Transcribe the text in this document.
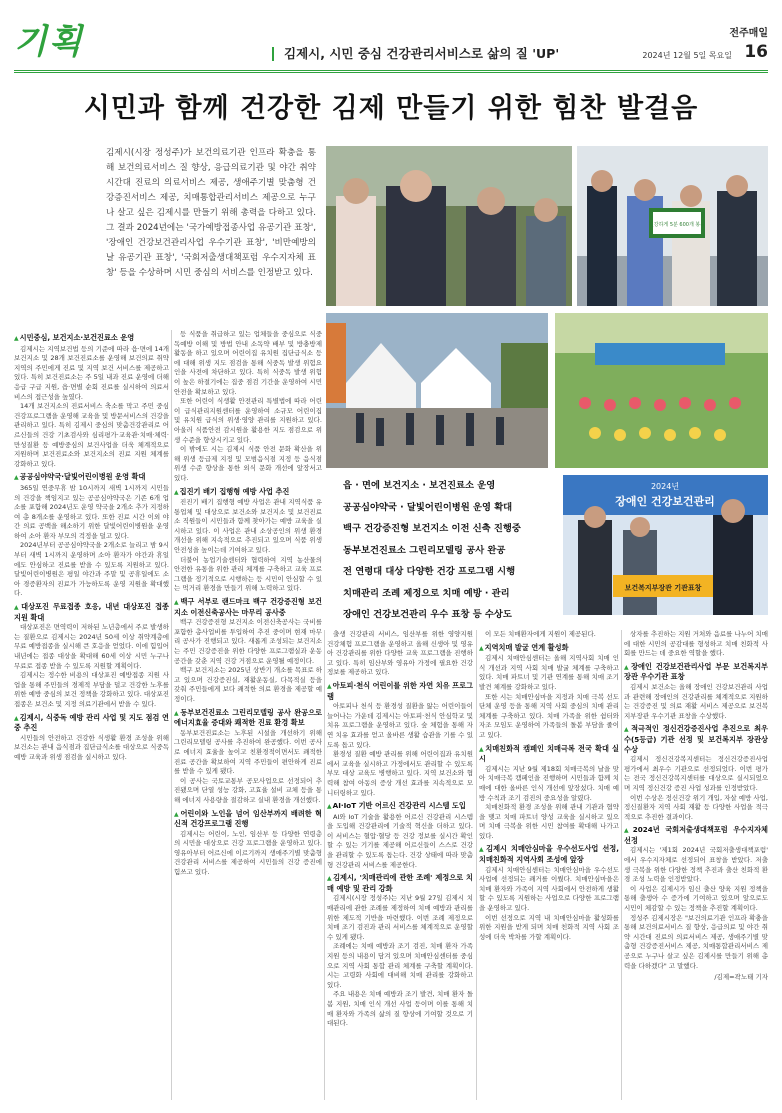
기획	김제시, 시민 중심 건강관리서비스로 삶의 질 'UP'
전주매일
2024년 12월 5일 목요일 16
시민과 함께 건강한 김제 만들기 위한 힘찬 발걸음
김제시(시장 정성주)가 보건의료기관 인프라 확충을 통해 보건의료서비스 질 향상, 응급의료기관 및 야간 취약 시간대 진료의 의료서비스 제공, 생애주기별 맞춤형 건강증진서비스 제공, 치매통합관리서비스 제공으로 누구나 살고 싶은 김제시를 만들기 위해 총력을 다하고 있다. 그 결과 2024년에는 '국가예방접종사업 유공기관 표창', '장애인 건강보건관리사업 우수기관 표창', '비만예방의 날 유공기관 표창', '국회저출생대책포럼 우수지자체 표창' 등을 수상하며 시민 중심의 서비스를 인정받고 있다.
건강하게 5분 600개 봉사
2024년
장애인 건강보건관리
보건복지부장관 기관표창
읍 · 면에 보건지소 · 보건진료소 운영
공공심야약국 · 달빛어린이병원 운영 확대
백구 건강증진형 보건지소 이전 신축 진행중
동부보건진료소 그린리모델링 공사 완공
전 연령대 대상 다양한 건강 프로그램 시행
치매관리 조례 제정으로 치매 예방 · 관리
장애인 건강보건관리 우수 표창 등 수상도
▲ 시민중심, 보건지소·보건진료소 운영

김제시는 지역보건법 등의 기준에 따라 읍·면에 14개 보건지소 및 28개 보건진료소를 운영해 보건의료 취약지역의 주민에게 진료 및 지역 보건 서비스를 제공하고 있다. 특히 보건진료소는 주 5일 내과 진료 운영에 더해 응급 구급 지원, 읍·면별 순회 진료를 실시하여 의료서비스의 접근성을 높였다.

14개 보건지소의 진료서비스 축소를 막고 주민 중심 건강프로그램을 운영해 교육을 및 방문서비스의 건강을 관리하고 있다. 특히 김제시 중심의 맞춤건강관리로 어르신들의 건강 기초검사와 심리평가·교육관·치매·체력·만성질환 등 예방중심의 보건사업을 더욱 체계적으로 지원하며 보건진료소와 보건지소의 진료 지원 체계를 강화하고 있다.

▲ 공공심야약국·달빛어린이병원 운영 확대

365일 연중무휴 밤 10시까지 새벽 1시까지 시민들의 건강을 책임지고 있는 공공심야약국은 기존 6개 업소를 포함해 2024년도 운영 약국을 2개소 추가 지정하여 총 8개소를 운영하고 있다. 또한 진료 시간 이외 야간 의료 공백을 해소하기 위한 달빛어린이병원을 운영하여 소아 환자 부모의 걱정을 덜고 있다.

2024년부터 공공심야약국을 2개소로 늘리고 밤 9시부터 새벽 1시까지 운영하며 소아 환자가 야간과 휴일에도 안심하고 진료를 받을 수 있도록 지원하고 있다. 달빛어린이병원은 평일 야간과 주말 및 공휴일에도 소아 경증환자의 진료가 가능하도록 운영 지원을 확대했다.

▲ 대상포진 무료접종 호응, 내년 대상포진 접종 지원 확대

대상포진은 면역력이 저하된 노년층에서 주로 발생하는 질환으로 김제시는 2024년 50세 이상 취약계층에 무료 예방접종을 실시해 큰 호응을 얻었다. 이에 힘입어 내년에는 접종 대상을 확대해 60세 이상 시민 누구나 무료로 접종 받을 수 있도록 지원할 계획이다.

김제시는 정수한 비용의 대상포진 예방접종 지원 사업을 통해 주민들의 경제적 부담을 덜고 건강한 노후를 위한 예방 중심의 보건 정책을 강화하고 있다. 대상포진 접종은 보건소 및 지정 의료기관에서 받을 수 있다.

▲ 김제시, 식중독 예방 관리 사업 및 지도 점검 연중 추진

시민들의 안전하고 건강한 식생활 환경 조성을 위해 보건소는 관내 음식점과 집단급식소를 대상으로 식중독 예방 교육과 위생 점검을 실시하고 있다.

등 식품을 취급하고 있는 업체들을 중심으로 식중독예방 이해 및 방법 안내 소독약 배부 및 방충방제 활동을 하고 있으며 어린이집 유치원 집단급식소 등에 대해 위생 지도 점검을 통해 식중독 발생 위험요인을 사전에 차단하고 있다. 특히 식중독 발생 위험이 높은 하절기에는 집중 점검 기간을 운영하여 시민 안전을 확보하고 있다.

또한 어린이 식생활 안전관리 특별법에 따라 어린이 급식관리지원센터를 운영하여 소규모 어린이집 및 유치원 급식의 위생·영양 관리를 지원하고 있다. 아울러 식품안전 감시원을 활용한 지도 점검으로 위생 수준을 향상시키고 있다.

이 밖에도 시는 김제시 식품 안전 문화 확산을 위해 위생 등급제 지정 및 모범음식점 지정 등 음식점 위생 수준 향상을 통한 외식 문화 개선에 앞장서고 있다.

▲ 집진기 배기 집행형 예방 사업 추진

진진기 배기 집행형 예방 사업은 관내 지역식품 유통업체 및 대상으로 보건소와 보건지소 및 보건진료소 직원들이 시민들과 함께 찾아가는 예방 교육을 실시하고 있다. 이 사업은 관내 소상공인의 위생 환경 개선을 위해 지속적으로 추진되고 있으며 식품 위생 안전성을 높이는데 기여하고 있다.

더불어 농업기술센터와 협력하여 지역 농산물의 안전한 유통을 위한 관리 체계를 구축하고 교육 프로그램을 정기적으로 시행하는 등 시민이 안심할 수 있는 먹거리 환경을 만들기 위해 노력하고 있다.

▲ 백구 서부로 랜드마크 백구 건강증진형 보건지소 이전신축공사는 마무리 공사중

백구 건강증진형 보건지소 이전신축공사는 국비를 포함한 총사업비를 투입하여 추진 중이며 현재 마무리 공사가 진행되고 있다. 새롭게 조성되는 보건지소는 주민 건강증진을 위한 다양한 프로그램실과 운동 공간을 갖춘 지역 건강 거점으로 운영될 예정이다.

백구 보건지소는 2025년 상반기 개소를 목표로 하고 있으며 건강증진실, 재활운동실, 다목적실 등을 갖춰 주민들에게 보다 쾌적한 의료 환경을 제공할 예정이다.

▲ 동부보건진료소 그린리모델링 공사 완공으로 에너지효율 증대와 쾌적한 진료 환경 확보

동부보건진료소는 노후된 시설을 개선하기 위해 그린리모델링 공사를 추진하여 완공했다. 이번 공사로 에너지 효율을 높이고 친환경적이면서도 쾌적한 진료 공간을 확보하여 지역 주민들이 편안하게 진료를 받을 수 있게 됐다.

이 공사는 국토교통부 공모사업으로 선정되어 추진됐으며 단열 성능 강화, 고효율 설비 교체 등을 통해 에너지 사용량을 절감하고 실내 환경을 개선했다.

▲ 어린이와 노인을 넘어 임산부까지 배려한 혁신적 건강프로그램 진행

김제시는 어린이, 노인, 임산부 등 다양한 연령층의 시민을 대상으로 건강 프로그램을 운영하고 있다. 영유아부터 어르신에 이르기까지 생애주기별 맞춤형 건강관리 서비스를 제공하여 시민들의 건강 증진에 힘쓰고 있다.

출생 건강관리 서비스, 임산부를 위한 영양지원 건강체험 프로그램을 운영하고 올해 신생아 및 영유아 건강관리를 위한 다양한 교육 프로그램을 진행하고 있다. 특히 임산부와 영유아 가정에 필요한 건강 정보를 제공하고 있다.

▲ 아토피·천식 어린이를 위한 자연 치유 프로그램

아토피나 천식 등 환경성 질환을 앓는 어린이들이 늘어나는 가운데 김제시는 아토피·천식 안심학교 및 치유 프로그램을 운영하고 있다. 숲 체험을 통해 자연 치유 효과를 얻고 올바른 생활 습관을 기를 수 있도록 돕고 있다.

환경성 질환 예방 관리를 위해 어린이집과 유치원에서 교육을 실시하고 가정에서도 관리할 수 있도록 부모 대상 교육도 병행하고 있다. 지역 보건소와 협력해 참여 아동의 증상 개선 효과를 지속적으로 모니터링하고 있다.

▲ AI·IoT 기반 어르신 건강관리 시스템 도입

AI와 IoT 기술을 활용한 어르신 건강관리 시스템을 도입해 건강관리에 기술적 혁신을 더하고 있다. 이 서비스는 혈압·혈당 등 건강 정보를 실시간 확인할 수 있는 기기를 제공해 어르신들이 스스로 건강을 관리할 수 있도록 돕는다. 건강 상태에 따라 맞춤형 건강관리 서비스를 제공한다.

▲ 김제시, '치매관리에 관한 조례' 제정으로 치매 예방 및 관리 강화

김제시(시장 정성주)는 지난 9월 27일 김제시 치매관리에 관한 조례를 제정하여 치매 예방과 관리를 위한 제도적 기반을 마련했다. 이번 조례 제정으로 치매 조기 검진과 관리 서비스를 체계적으로 운영할 수 있게 됐다.

조례에는 치매 예방과 조기 검진, 치매 환자 가족 지원 등의 내용이 담겨 있으며 치매안심센터를 중심으로 지역 사회 통합 관리 체계를 구축할 계획이다. 시는 고령화 사회에 대비해 치매 관리를 강화하고 있다.

주요 내용은 치매 예방과 조기 발견, 치매 환자 돌봄 지원, 치매 인식 개선 사업 등이며 이를 통해 치매 환자와 가족의 삶의 질 향상에 기여할 것으로 기대된다.

이 모든 치매환자에게 지원이 제공된다.

▲ 지역치매 발굴 연계 활성화

김제시 치매안심센터는 올해 지역사회 치매 인식 개선과 지역 사회 치매 발굴 체계를 구축하고 있다. 치매 파트너 및 기관 연계를 통해 치매 조기 발견 체계를 강화하고 있다.

또한 시는 치매안심마을 지정과 치매 극복 선도단체 운영 등을 통해 지역 사회 중심의 치매 관리 체계를 구축하고 있다. 치매 가족을 위한 쉼터와 자조 모임도 운영하여 가족들의 돌봄 부담을 줄이고 있다.

▲ 치매친화적 캠페인 치매극복 전국 확대 실시

김제시는 지난 9월 제18회 치매극복의 날을 맞아 치매극복 캠페인을 진행하며 시민들과 함께 치매에 대한 올바른 인식 개선에 앞장섰다. 치매 예방 수칙과 조기 검진의 중요성을 알렸다.

치매친화적 환경 조성을 위해 관내 기관과 협약을 맺고 치매 파트너 양성 교육을 실시하고 있으며 치매 극복을 위한 시민 참여를 확대해 나가고 있다.

▲ 김제시 치매안심마을 우수선도사업 선정, 치매친화적 지역사회 조성에 앞장

김제시 치매안심센터는 치매안심마을 우수선도사업에 선정되는 쾌거를 이뤘다. 치매안심마을은 치매 환자와 가족이 지역 사회에서 안전하게 생활할 수 있도록 지원하는 사업으로 다양한 프로그램을 운영하고 있다.

이번 선정으로 지역 내 치매안심마을 활성화를 위한 지원을 받게 되며 치매 친화적 지역 사회 조성에 더욱 박차를 가할 계획이다.

상자를 추진하는 지원 거처와 음료를 나누어 치매에 대한 시민의 공감대를 형성하고 치매 친화적 사회를 만드는 데 중요한 역할을 했다.

▲ 장애인 건강보건관리사업 부문 보건복지부장관 우수기관 표창

김제시 보건소는 올해 장애인 건강보건관리 사업과 관련해 장애인의 건강관리를 체계적으로 지원하는 건강증진 및 의료 재활 서비스 제공으로 보건복지부장관 우수기관 표창을 수상했다.

▲ 적극적인 정신건강증진사업 추진으로 최우수(5등급) 기관 선정 및 보건복지부 장관상 수상

김제시 정신건강복지센터는 정신건강증진사업 평가에서 최우수 기관으로 선정되었다. 이번 평가는 전국 정신건강복지센터를 대상으로 실시되었으며 지역 정신건강 증진 사업 성과를 인정받았다.

이번 수상은 정신건강 위기 개입, 자살 예방 사업, 정신질환자 지역 사회 재활 등 다양한 사업을 적극적으로 추진한 결과이다.

▲ 2024년 국회저출생대책포럼 우수지자체 선정

김제시는 '제1회 2024년 국회저출생대책포럼' 에서 우수지자체로 선정되어 표창을 받았다. 저출생 극복을 위한 다양한 정책 추진과 출산 친화적 환경 조성 노력을 인정받았다.

이 사업은 김제시가 임신 출산 양육 지원 정책을 통해 출생아 수 증가에 기여하고 있으며 앞으로도 시민이 체감할 수 있는 정책을 추진할 계획이다.

정성주 김제시장은 "보건의료기관 인프라 확충을 통해 보건의료서비스 질 향상, 응급의료 및 야간 취약 시간대 진료의 의료서비스 제공, 생애주기별 맞춤형 건강증진서비스 제공, 치매통합관리서비스 제공으로 누구나 살고 싶은 김제시를 만들기 위해 총력을 다하겠다" 고 말했다.

/김제=곽노태 기자
